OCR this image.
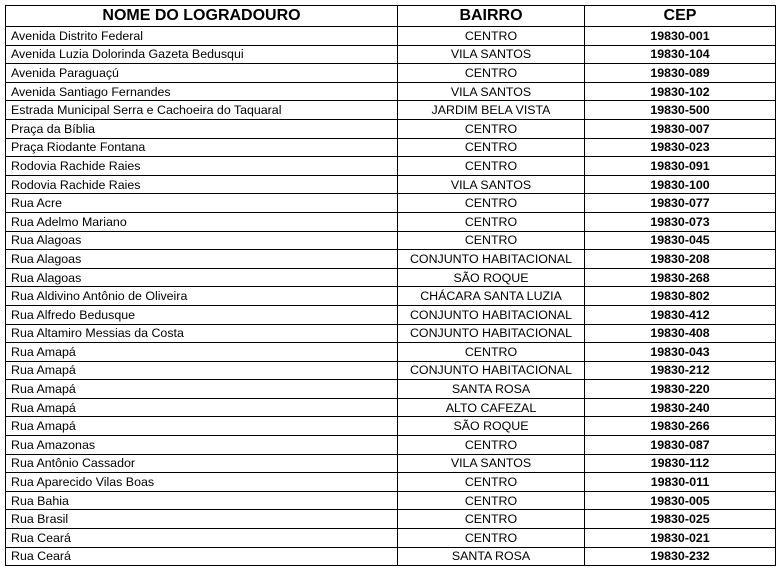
NOME DO LOGRADOURO	BAIRRO	CEP
Avenida Distrito Federal	CENTRO	19830-001
Avenida Luzia Dolorinda Gazeta Bedusqui	VILA SANTOS	19830-104
Avenida Paraguaçú	CENTRO	19830-089
Avenida Santiago Fernandes	VILA SANTOS	19830-102
Estrada Municipal Serra e Cachoeira do Taquaral	JARDIM BELA VISTA	19830-500
Praça da Bíblia	CENTRO	19830-007
Praça Riodante Fontana	CENTRO	19830-023
Rodovia Rachide Raies	CENTRO	19830-091
Rodovia Rachide Raies	VILA SANTOS	19830-100
Rua Acre	CENTRO	19830-077
Rua Adelmo Mariano	CENTRO	19830-073
Rua Alagoas	CENTRO	19830-045
Rua Alagoas	CONJUNTO HABITACIONAL	19830-208
Rua Alagoas	SÃO ROQUE	19830-268
Rua Aldivino Antônio de Oliveira	CHÁCARA SANTA LUZIA	19830-802
Rua Alfredo Bedusque	CONJUNTO HABITACIONAL	19830-412
Rua Altamiro Messias da Costa	CONJUNTO HABITACIONAL	19830-408
Rua Amapá	CENTRO	19830-043
Rua Amapá	CONJUNTO HABITACIONAL	19830-212
Rua Amapá	SANTA ROSA	19830-220
Rua Amapá	ALTO CAFEZAL	19830-240
Rua Amapá	SÃO ROQUE	19830-266
Rua Amazonas	CENTRO	19830-087
Rua Antônio Cassador	VILA SANTOS	19830-112
Rua Aparecido Vilas Boas	CENTRO	19830-011
Rua Bahia	CENTRO	19830-005
Rua Brasil	CENTRO	19830-025
Rua Ceará	CENTRO	19830-021
Rua Ceará	SANTA ROSA	19830-232
